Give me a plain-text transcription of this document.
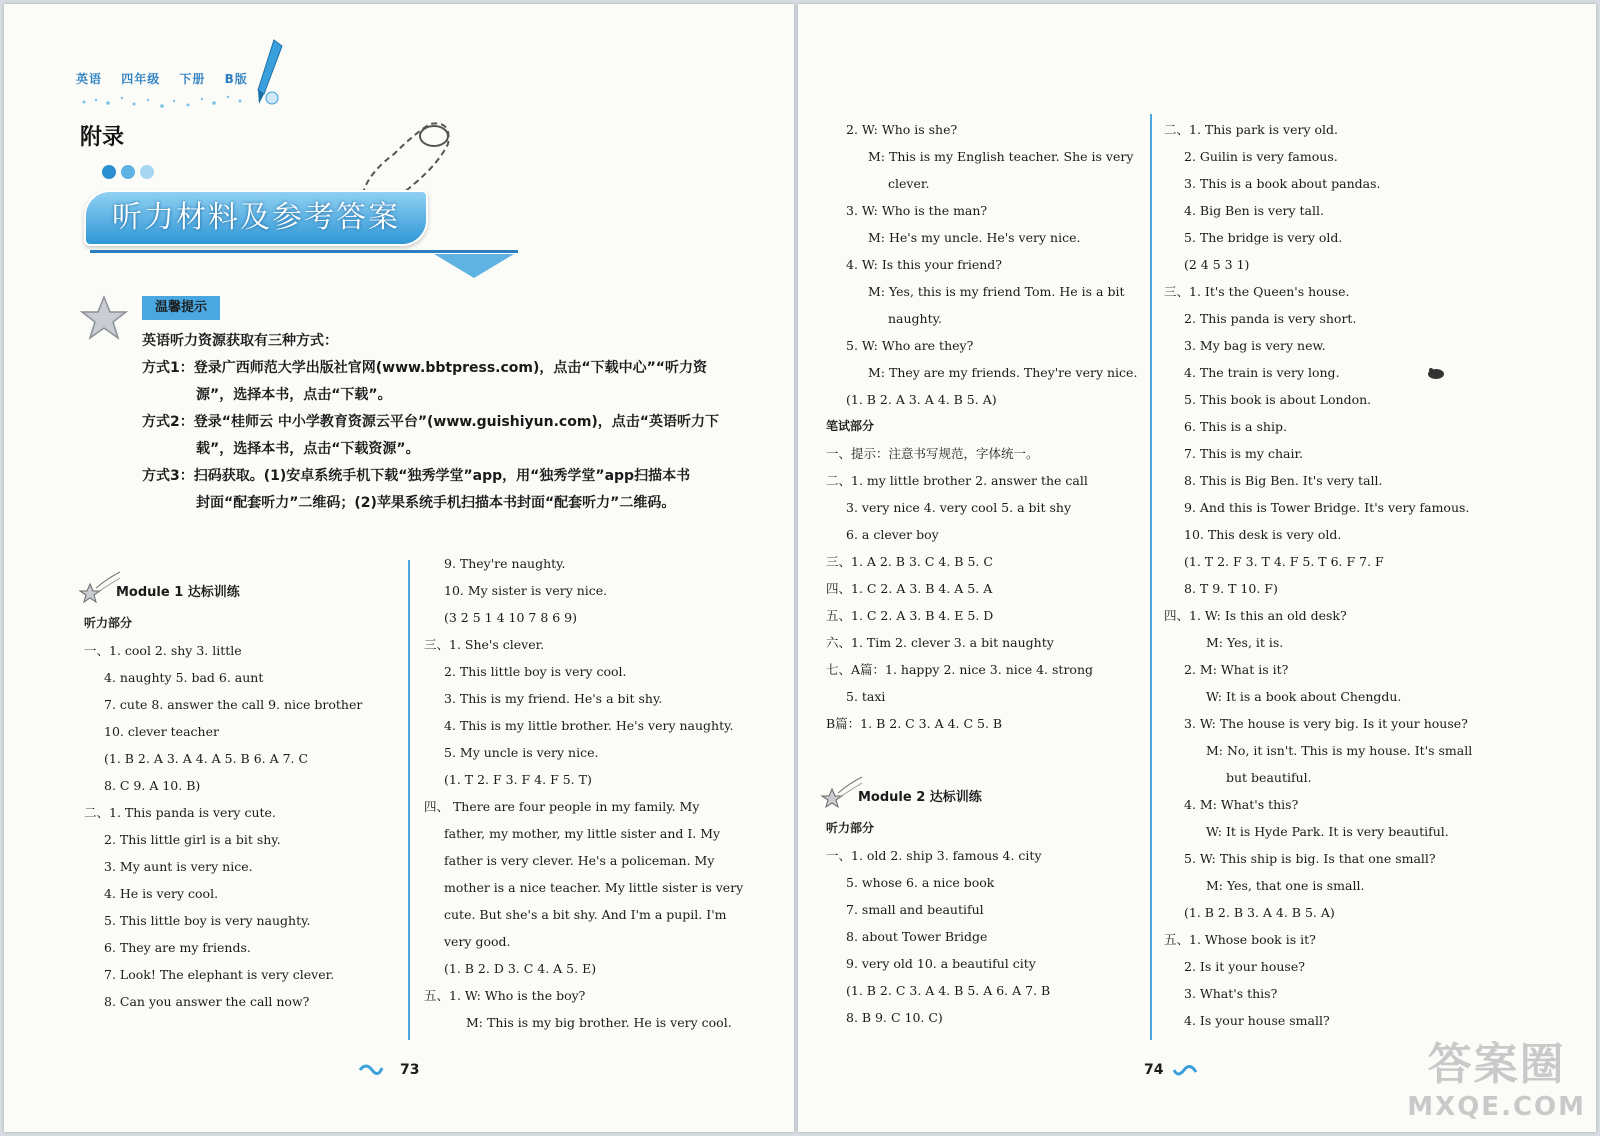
英语 四年级 下册 B版
附录
听力材料及参考答案
温馨提示
英语听力资源获取有三种方式：
方式1：登录广西师范大学出版社官网(www.bbtpress.com)，点击“下载中心”“听力资
源”，选择本书，点击“下载”。
方式2：登录“桂师云 中小学教育资源云平台”(www.guishiyun.com)，点击“英语听力下
载”，选择本书，点击“下载资源”。
方式3：扫码获取。(1)安卓系统手机下载“独秀学堂”app，用“独秀学堂”app扫描本书
封面“配套听力”二维码；(2)苹果系统手机扫描本书封面“配套听力”二维码。
Module 1 达标训练
听力部分
一、1. cool 2. shy 3. little
4. naughty 5. bad 6. aunt
7. cute 8. answer the call 9. nice brother
10. clever teacher
(1. B 2. A 3. A 4. A 5. B 6. A 7. C
8. C 9. A 10. B)
二、1. This panda is very cute.
2. This little girl is a bit shy.
3. My aunt is very nice.
4. He is very cool.
5. This little boy is very naughty.
6. They are my friends.
7. Look! The elephant is very clever.
8. Can you answer the call now?
9. They're naughty.
10. My sister is very nice.
(3 2 5 1 4 10 7 8 6 9)
三、1. She's clever.
2. This little boy is very cool.
3. This is my friend. He's a bit shy.
4. This is my little brother. He's very naughty.
5. My uncle is very nice.
(1. T 2. F 3. F 4. F 5. T)
四、 There are four people in my family. My
father, my mother, my little sister and I. My
father is very clever. He's a policeman. My
mother is a nice teacher. My little sister is very
cute. But she's a bit shy. And I'm a pupil. I'm
very good.
(1. B 2. D 3. C 4. A 5. E)
五、1. W: Who is the boy?
M: This is my big brother. He is very cool.
73
2. W: Who is she?
M: This is my English teacher. She is very
clever.
3. W: Who is the man?
M: He's my uncle. He's very nice.
4. W: Is this your friend?
M: Yes, this is my friend Tom. He is a bit
naughty.
5. W: Who are they?
M: They are my friends. They're very nice.
(1. B 2. A 3. A 4. B 5. A)
笔试部分
一、提示：注意书写规范，字体统一。
二、1. my little brother 2. answer the call
3. very nice 4. very cool 5. a bit shy
6. a clever boy
三、1. A 2. B 3. C 4. B 5. C
四、1. C 2. A 3. B 4. A 5. A
五、1. C 2. A 3. B 4. E 5. D
六、1. Tim 2. clever 3. a bit naughty
七、A篇：1. happy 2. nice 3. nice 4. strong
5. taxi
B篇：1. B 2. C 3. A 4. C 5. B
Module 2 达标训练
听力部分
一、1. old 2. ship 3. famous 4. city
5. whose 6. a nice book
7. small and beautiful
8. about Tower Bridge
9. very old 10. a beautiful city
(1. B 2. C 3. A 4. B 5. A 6. A 7. B
8. B 9. C 10. C)
二、1. This park is very old.
2. Guilin is very famous.
3. This is a book about pandas.
4. Big Ben is very tall.
5. The bridge is very old.
(2 4 5 3 1)
三、1. It's the Queen's house.
2. This panda is very short.
3. My bag is very new.
4. The train is very long.
5. This book is about London.
6. This is a ship.
7. This is my chair.
8. This is Big Ben. It's very tall.
9. And this is Tower Bridge. It's very famous.
10. This desk is very old.
(1. T 2. F 3. T 4. F 5. T 6. F 7. F
8. T 9. T 10. F)
四、1. W: Is this an old desk?
M: Yes, it is.
2. M: What is it?
W: It is a book about Chengdu.
3. W: The house is very big. Is it your house?
M: No, it isn't. This is my house. It's small
but beautiful.
4. M: What's this?
W: It is Hyde Park. It is very beautiful.
5. W: This ship is big. Is that one small?
M: Yes, that one is small.
(1. B 2. B 3. A 4. B 5. A)
五、1. Whose book is it?
2. Is it your house?
3. What's this?
4. Is your house small?
74	答案圈
MXQE.COM
